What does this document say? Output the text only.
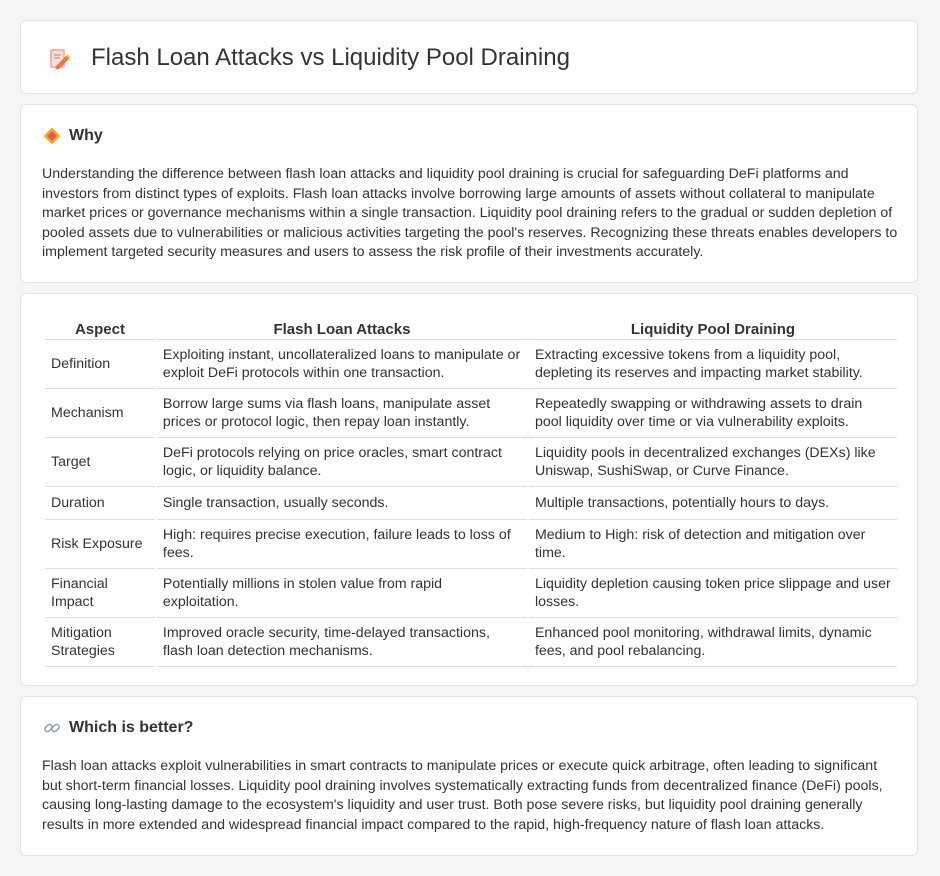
Flash Loan Attacks vs Liquidity Pool Draining
Why

Understanding the difference between flash loan attacks and liquidity pool draining is crucial for safeguarding DeFi platforms and investors from distinct types of exploits. Flash loan attacks involve borrowing large amounts of assets without collateral to manipulate market prices or governance mechanisms within a single transaction. Liquidity pool draining refers to the gradual or sudden depletion of pooled assets due to vulnerabilities or malicious activities targeting the pool's reserves. Recognizing these threats enables developers to implement targeted security measures and users to assess the risk profile of their investments accurately.

Aspect	Flash Loan Attacks	Liquidity Pool Draining
Definition	Exploiting instant, uncollateralized loans to manipulate or exploit DeFi protocols within one transaction.	Extracting excessive tokens from a liquidity pool, depleting its reserves and impacting market stability.
Mechanism	Borrow large sums via flash loans, manipulate asset prices or protocol logic, then repay loan instantly.	Repeatedly swapping or withdrawing assets to drain pool liquidity over time or via vulnerability exploits.
Target	DeFi protocols relying on price oracles, smart contract logic, or liquidity balance.	Liquidity pools in decentralized exchanges (DEXs) like Uniswap, SushiSwap, or Curve Finance.
Duration	Single transaction, usually seconds.	Multiple transactions, potentially hours to days.
Risk Exposure	High: requires precise execution, failure leads to loss of fees.	Medium to High: risk of detection and mitigation over time.
Financial Impact	Potentially millions in stolen value from rapid exploitation.	Liquidity depletion causing token price slippage and user losses.
Mitigation Strategies	Improved oracle security, time-delayed transactions, flash loan detection mechanisms.	Enhanced pool monitoring, withdrawal limits, dynamic fees, and pool rebalancing.
Which is better?

Flash loan attacks exploit vulnerabilities in smart contracts to manipulate prices or execute quick arbitrage, often leading to significant but short-term financial losses. Liquidity pool draining involves systematically extracting funds from decentralized finance (DeFi) pools, causing long-lasting damage to the ecosystem's liquidity and user trust. Both pose severe risks, but liquidity pool draining generally results in more extended and widespread financial impact compared to the rapid, high-frequency nature of flash loan attacks.
